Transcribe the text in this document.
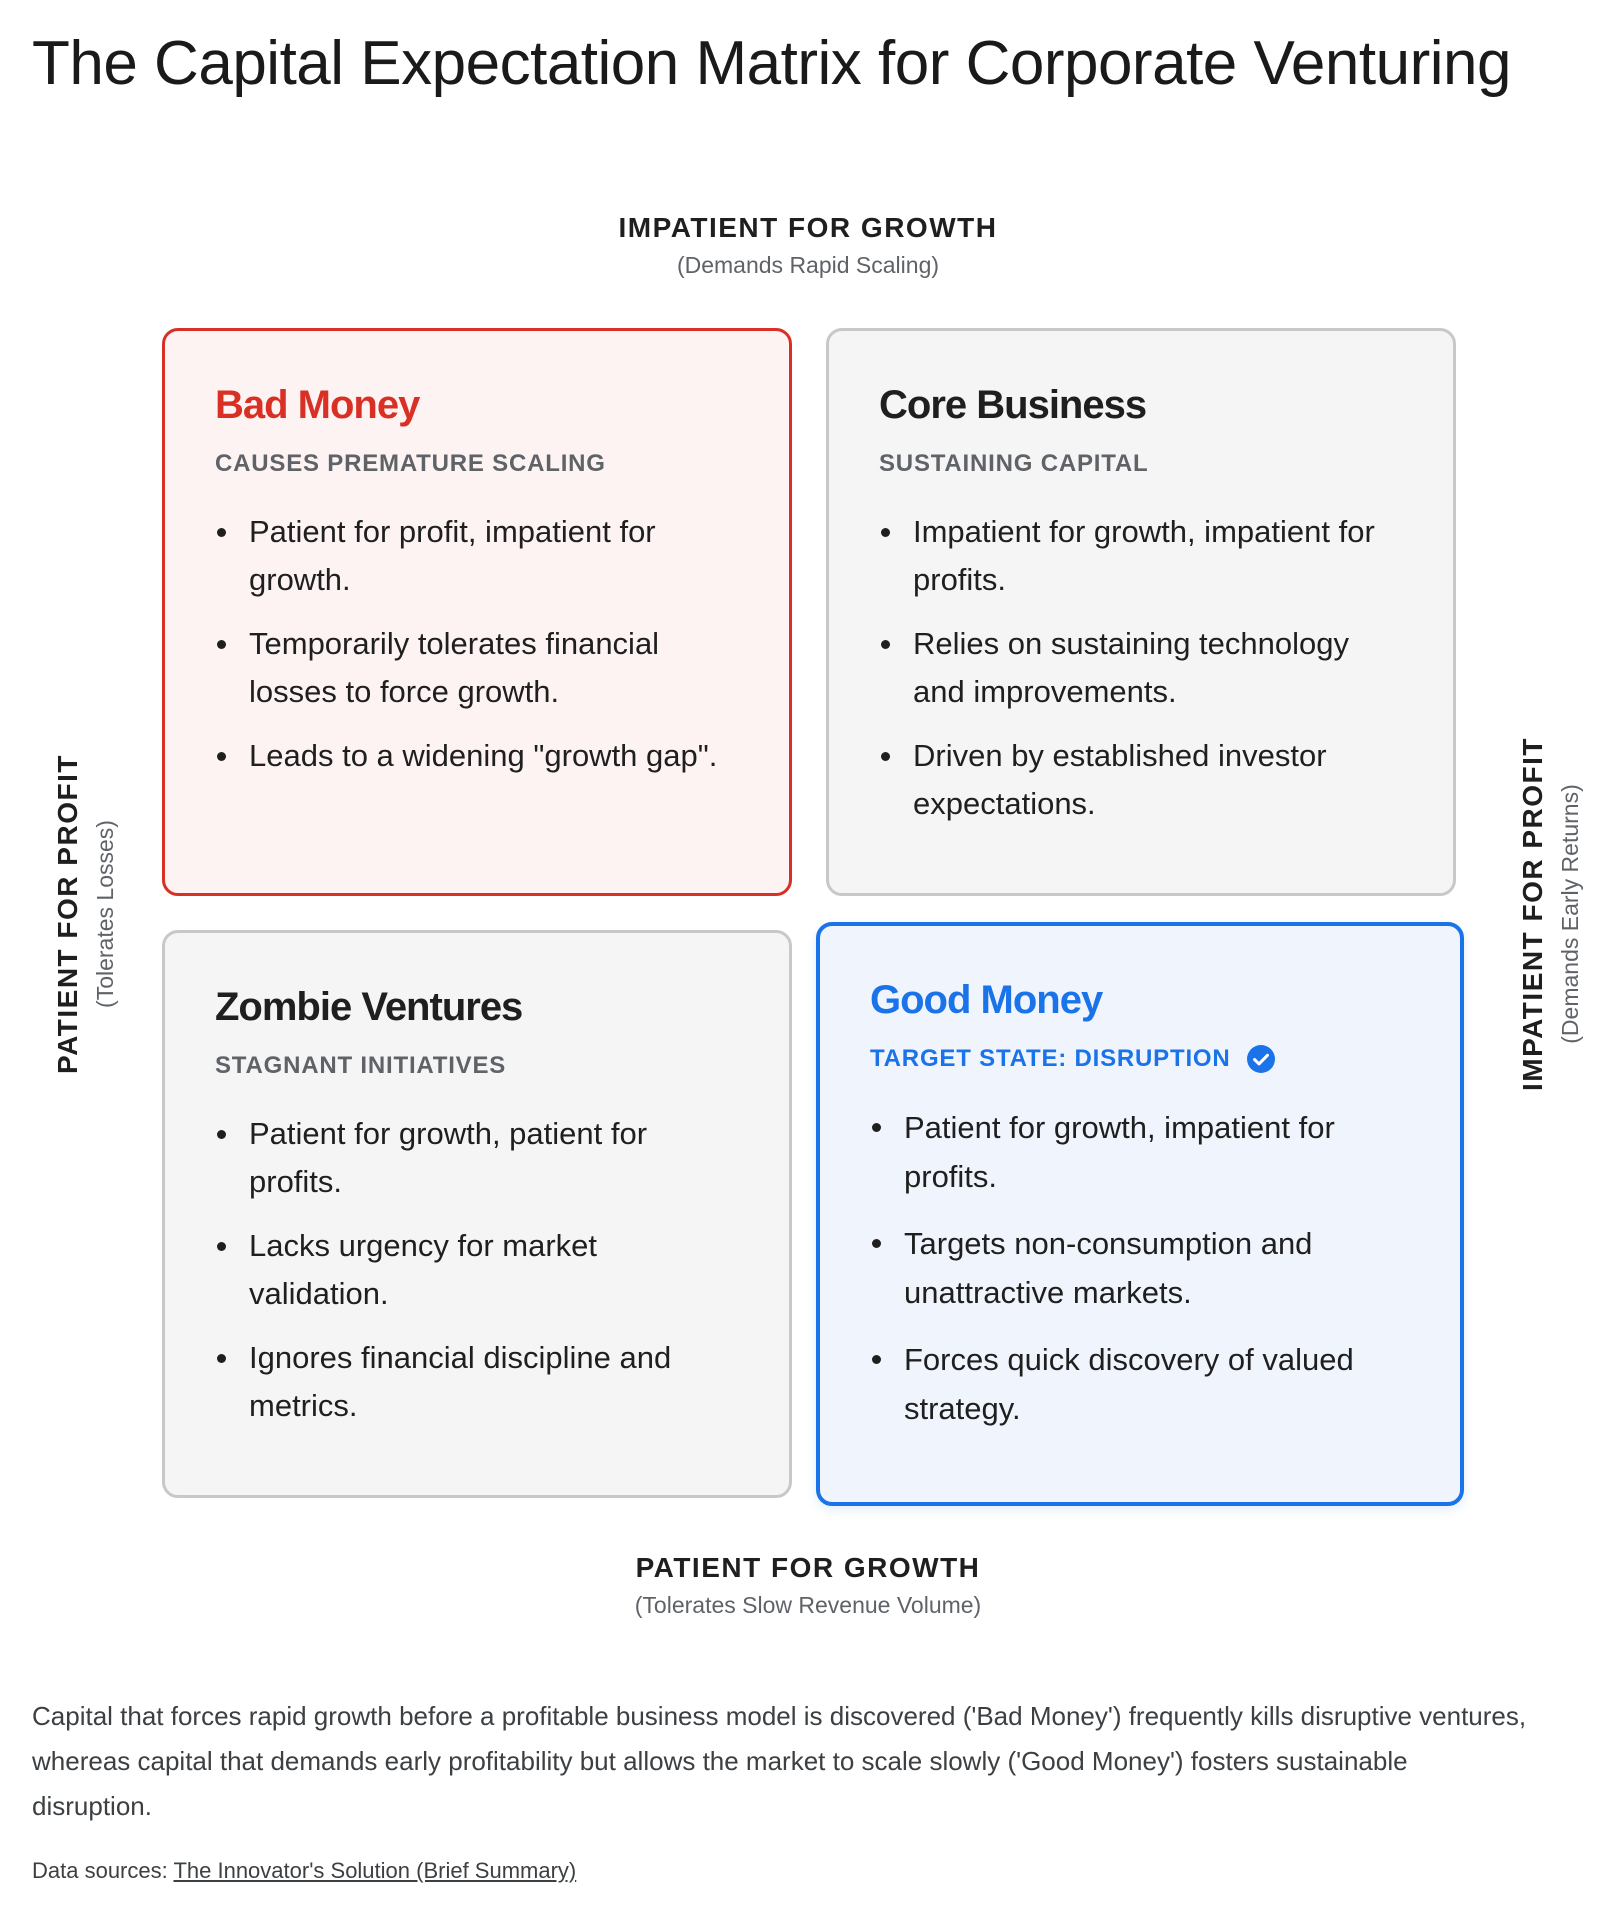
The Capital Expectation Matrix for Corporate Venturing
IMPATIENT FOR GROWTH
(Demands Rapid Scaling)
PATIENT FOR PROFIT (Tolerates Losses)	IMPATIENT FOR PROFIT (Demands Early Returns)
Bad Money
CAUSES PREMATURE SCALING
Patient for profit, impatient for growth.
Temporarily tolerates financial losses to force growth.
Leads to a widening "growth gap".
Core Business
SUSTAINING CAPITAL
Impatient for growth, impatient for profits.
Relies on sustaining technology and improvements.
Driven by established investor expectations.
Zombie Ventures
STAGNANT INITIATIVES
Patient for growth, patient for profits.
Lacks urgency for market validation.
Ignores financial discipline and metrics.
Good Money
TARGET STATE: DISRUPTION
Patient for growth, impatient for profits.
Targets non-consumption and unattractive markets.
Forces quick discovery of valued strategy.
PATIENT FOR GROWTH
(Tolerates Slow Revenue Volume)
Capital that forces rapid growth before a profitable business model is discovered ('Bad Money') frequently kills disruptive ventures, whereas capital that demands early profitability but allows the market to scale slowly ('Good Money') fosters sustainable disruption.
Data sources: The Innovator's Solution (Brief Summary)
